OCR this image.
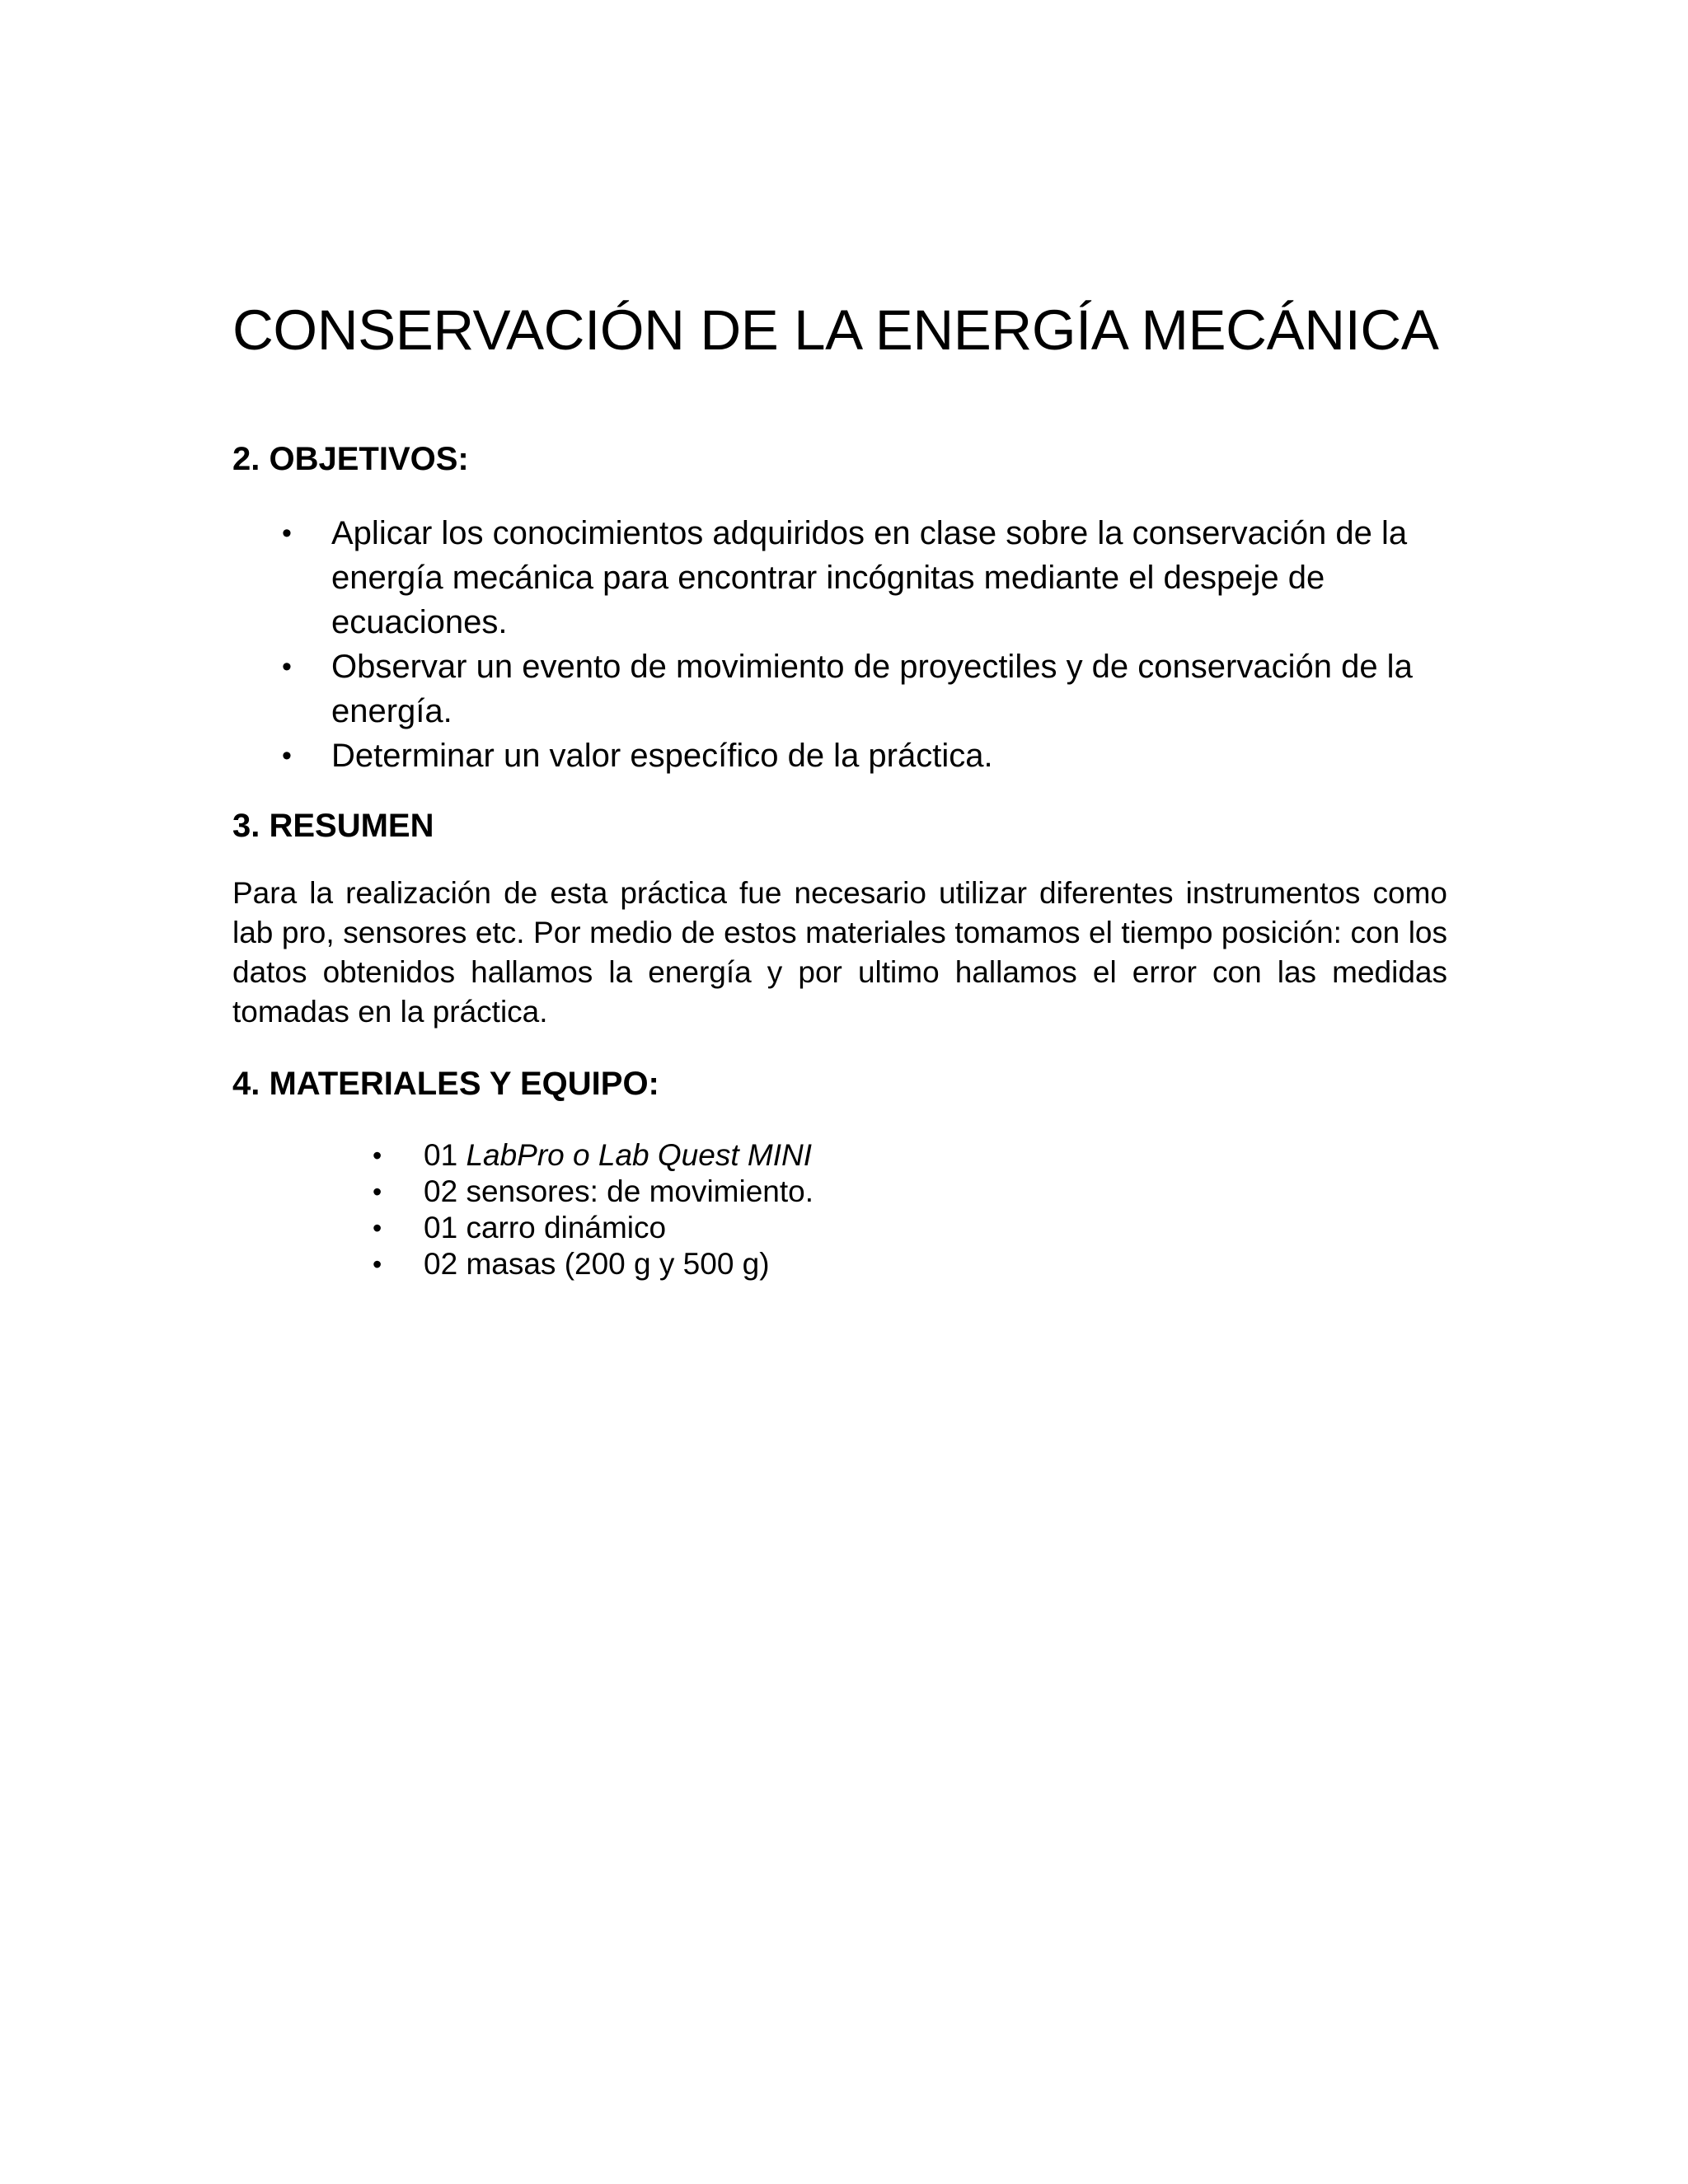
CONSERVACIÓN DE LA ENERGÍA MECÁNICA
2. OBJETIVOS:
• Aplicar los conocimientos adquiridos en clase sobre la conservación de la energía mecánica para encontrar incógnitas mediante el despeje de ecuaciones.
• Observar un evento de movimiento de proyectiles y de conservación de la energía.
• Determinar un valor específico de la práctica.
3. RESUMEN

Para la realización de esta práctica fue necesario utilizar diferentes instrumentos como lab pro, sensores etc. Por medio de estos materiales tomamos el tiempo posición: con los datos obtenidos hallamos la energía y por ultimo hallamos el error con las medidas tomadas en la práctica.

4. MATERIALES Y EQUIPO:
• 01 LabPro o Lab Quest MINI
• 02 sensores: de movimiento.
• 01 carro dinámico
• 02 masas (200 g y 500 g)
